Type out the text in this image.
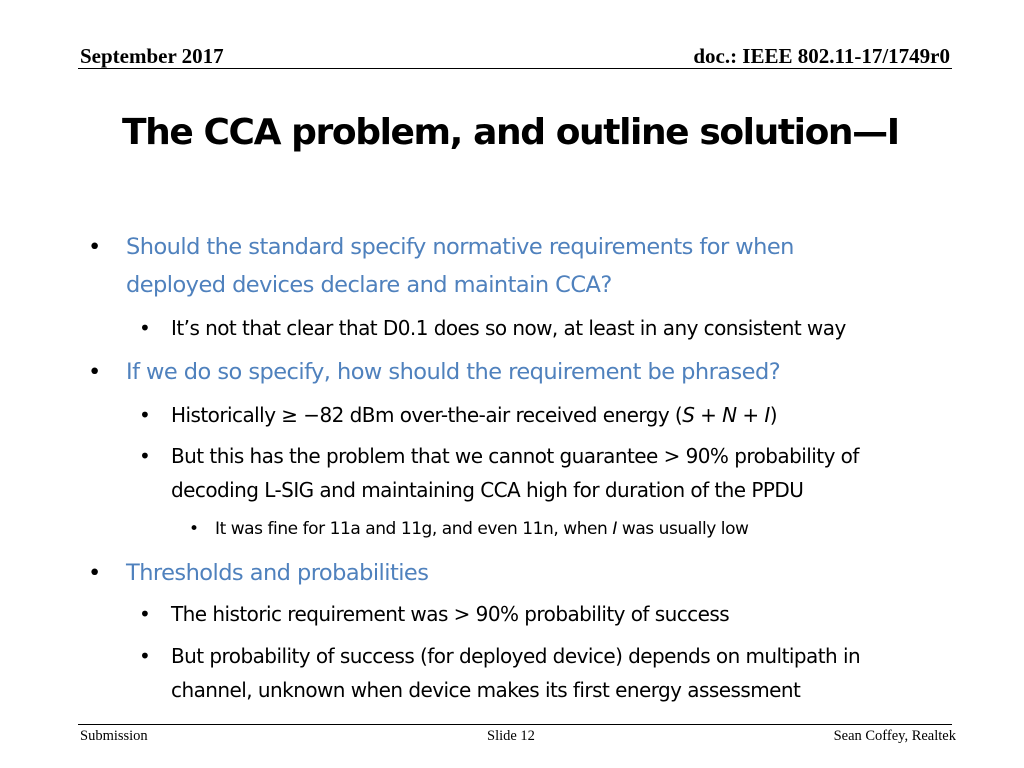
September 2017	doc.: IEEE 802.11-17/1749r0
The CCA problem, and outline solution—I
• Should the standard specify normative requirements for when
deployed devices declare and maintain CCA?
• It’s not that clear that D0.1 does so now, at least in any consistent way
• If we do so specify, how should the requirement be phrased?
• Historically ≥ −82 dBm over-the-air received energy (S + N + I)
• But this has the problem that we cannot guarantee > 90% probability of
decoding L-SIG and maintaining CCA high for duration of the PPDU
• It was fine for 11a and 11g, and even 11n, when I was usually low
• Thresholds and probabilities
• The historic requirement was > 90% probability of success
• But probability of success (for deployed device) depends on multipath in
channel, unknown when device makes its first energy assessment
Submission	Slide 12	Sean Coffey, Realtek
